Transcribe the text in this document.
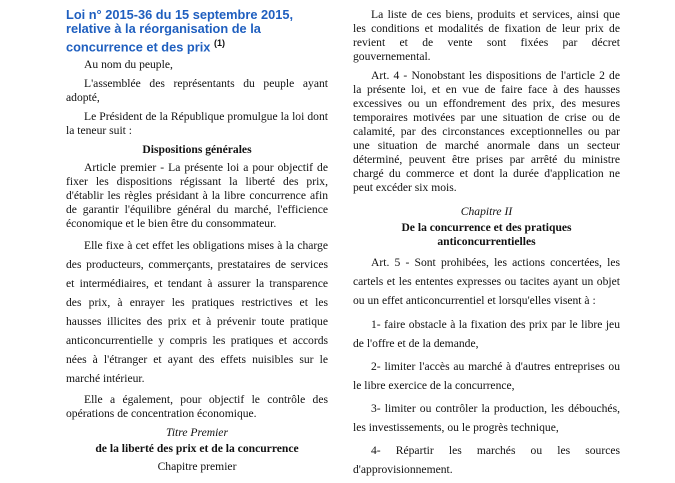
Loi n° 2015-36 du 15 septembre 2015, relative à la réorganisation de la concurrence et des prix $^{(1)}$

Au nom du peuple,

L'assemblée des représentants du peuple ayant adopté,

Le Président de la République promulgue la loi dont la teneur suit :

Dispositions générales

Article premier - La présente loi a pour objectif de fixer les dispositions régissant la liberté des prix, d'établir les règles présidant à la libre concurrence afin de garantir l'équilibre général du marché, l'efficience économique et le bien être du consommateur.

Elle fixe à cet effet les obligations mises à la charge des producteurs, commerçants, prestataires de services et intermédiaires, et tendant à assurer la transparence des prix, à enrayer les pratiques restrictives et les hausses illicites des prix et à prévenir toute pratique anticoncurrentielle y compris les pratiques et accords nées à l'étranger et ayant des effets nuisibles sur le marché intérieur.

Elle a également, pour objectif le contrôle des opérations de concentration économique.

Titre Premier
de la liberté des prix et de la concurrence
Chapitre premier

La liste de ces biens, produits et services, ainsi que les conditions et modalités de fixation de leur prix de revient et de vente sont fixées par décret gouvernemental.

Art. 4 - Nonobstant les dispositions de l'article 2 de la présente loi, et en vue de faire face à des hausses excessives ou un effondrement des prix, des mesures temporaires motivées par une situation de crise ou de calamité, par des circonstances exceptionnelles ou par une situation de marché anormale dans un secteur déterminé, peuvent être prises par arrêté du ministre chargé du commerce et dont la durée d'application ne peut excéder six mois.

Chapitre II
De la concurrence et des pratiques anticoncurrentielles

Art. 5 - Sont prohibées, les actions concertées, les cartels et les ententes expresses ou tacites ayant un objet ou un effet anticoncurrentiel et lorsqu'elles visent à :

1- faire obstacle à la fixation des prix par le libre jeu de l'offre et de la demande,

2- limiter l'accès au marché à d'autres entreprises ou le libre exercice de la concurrence,

3- limiter ou contrôler la production, les débouchés, les investissements, ou le progrès technique,

4- Répartir les marchés ou les sources d'approvisionnement.
